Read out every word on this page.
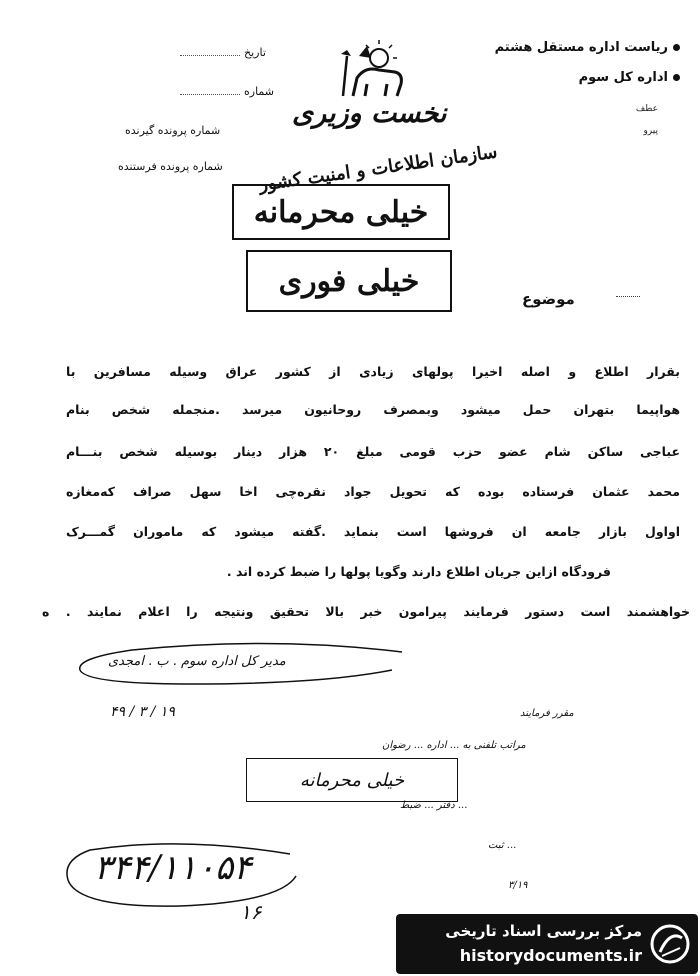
ریاست اداره مستقل هشتم
اداره کل سوم
عطف
پیرو
تاریخ
شماره
شماره پرونده گیرنده
شماره پرونده فرستنده
نخست وزیری
سازمان اطلاعات و امنیت کشور
خیلی محرمانه
خیلی فوری
موضوع
بقرار اطلاع و اصله اخیرا پولهای زیادی از کشور عراق وسیله مسافرین با
هواپیما بتهران حمل میشود وبمصرف روحانیون میرسد .منجمله شخص بنام
عباجی ساکن شام عضو حزب قومی مبلغ ۲۰ هزار دینار بوسیله شخص بنـــام
محمد عثمان فرستاده بوده که تحویل جواد نقره‌چی اخا سهل صراف که‌مغازه
اواول بازار جامعه ان فروشها است بنماید .گفته میشود که ماموران گمـــرک
فرودگاه ازاین جریان اطلاع دارند وگویا پولها را ضبط کرده اند .
خواهشمند است دستور فرمایند پیرامون خبر بالا تحقیق ونتیجه را اعلام نمایند . ه
مدیر کل اداره سوم . ب . امجدی
۱۹ / ۳ / ۴۹	مقرر فرمایند
مراتب تلفنی به ... اداره ... رضوان
خیلی محرمانه
... دفتر ... ضبط
... ثبت
۳/۱۹
۳۴۴/۱۱۰۵۴
۱۶
مرکز بررسی اسناد تاریخی
historydocuments.ir
